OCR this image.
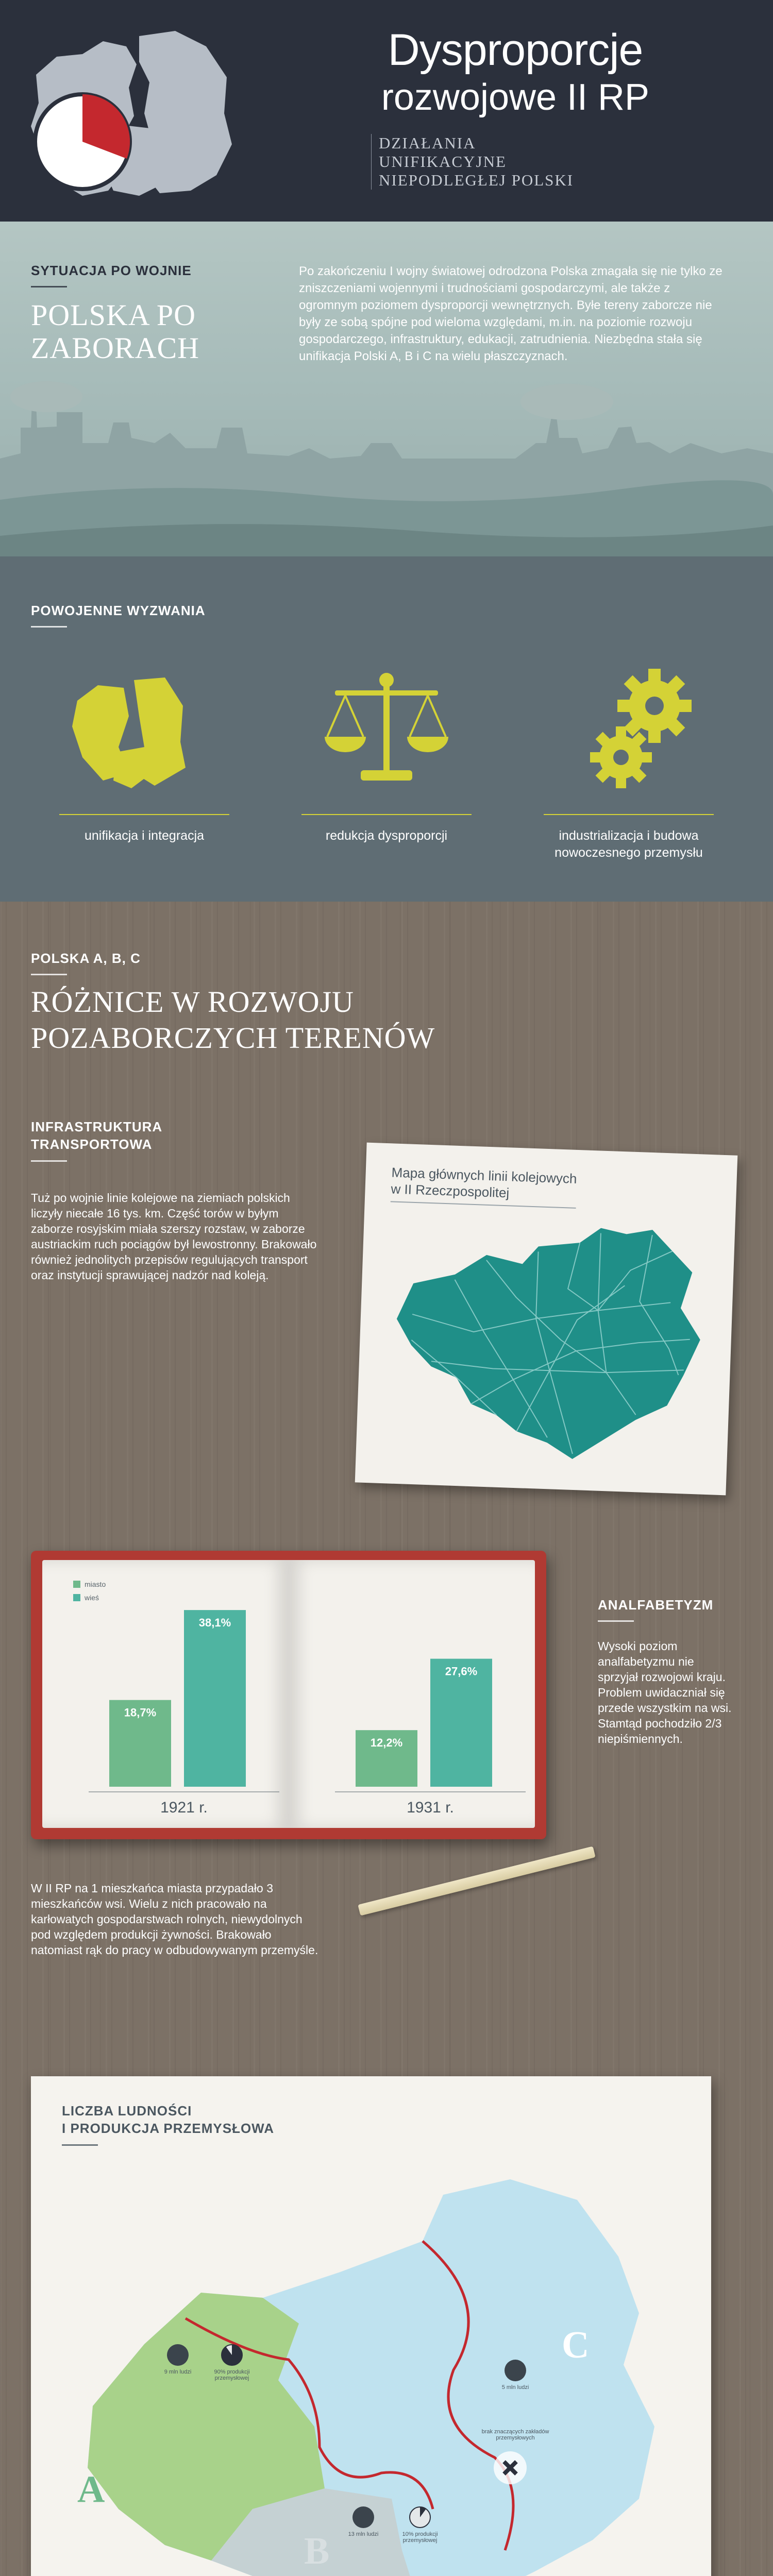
Dysproporcje
rozwojowe II RP
DZIAŁANIA
UNIFIKACYJNE
NIEPODLEGŁEJ POLSKI
SYTUACJA PO WOJNIE
POLSKA PO
ZABORACH
Po zakończeniu I wojny światowej odrodzona Polska zmagała się nie tylko ze zniszczeniami wojennymi i trudnościami gospodarczymi, ale także z ogromnym poziomem dysproporcji wewnętrznych. Byłe tereny zaborcze nie były ze sobą spójne pod wieloma względami, m.in. na poziomie rozwoju gospodarczego, infrastruktury, edukacji, zatrudnienia. Niezbędna stała się unifikacja Polski A, B i C na wielu płaszczyznach.
POWOJENNE WYZWANIA
unifikacja i integracja	redukcja dysproporcji	industrializacja i budowa nowoczesnego przemysłu
POLSKA A, B, C
RÓŻNICE W ROZWOJU
POZABORCZYCH TERENÓW
INFRASTRUKTURA
TRANSPORTOWA
Tuż po wojnie linie kolejowe na ziemiach polskich liczyły niecałe 16 tys. km. Część torów w byłym zaborze rosyjskim miała szerszy rozstaw, w zaborze austriackim ruch pociągów był lewostronny. Brakowało również jednolitych przepisów regulujących transport oraz instytucji sprawującej nadzór nad koleją.
Mapa głównych linii kolejowych
w II Rzeczpospolitej
miasto
wieś
18,7%
38,1%
1921 r.
12,2%
27,6%
1931 r.
ANALFABETYZM
Wysoki poziom analfabetyzmu nie sprzyjał rozwojowi kraju. Problem uwidaczniał się przede wszystkim na wsi. Stamtąd pochodziło 2/3 niepiśmiennych.
W II RP na 1 mieszkańca miasta przypadało 3 mieszkańców wsi. Wielu z nich pracowało na karłowatych gospodarstwach rolnych, niewydolnych pod względem produkcji żywności. Brakowało natomiast rąk do pracy w odbudowywanym przemyśle.
LICZBA LUDNOŚCI
I PRODUKCJA PRZEMYSŁOWA
A
B
C
9 mln ludzi	90% produkcji przemysłowej
13 mln ludzi	10% produkcji przemysłowej
5 mln ludzi
brak znaczących zakładów przemysłowych
